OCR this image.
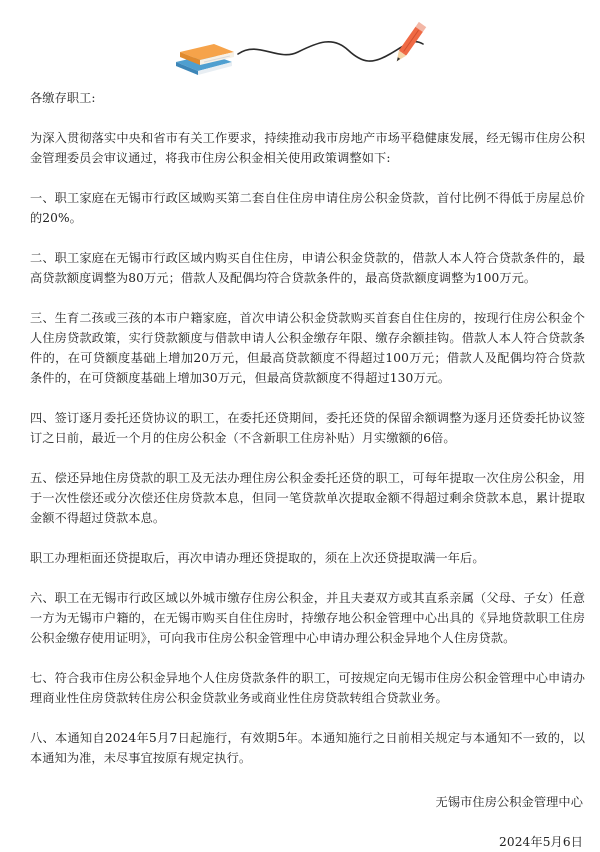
各缴存职工:

为深入贯彻落实中央和省市有关工作要求，持续推动我市房地产市场平稳健康发展，经无锡市住房公积金管理委员会审议通过，将我市住房公积金相关使用政策调整如下:

一、职工家庭在无锡市行政区域购买第二套自住住房申请住房公积金贷款，首付比例不得低于房屋总价的20%。

二、职工家庭在无锡市行政区域内购买自住住房，申请公积金贷款的，借款人本人符合贷款条件的，最高贷款额度调整为80万元；借款人及配偶均符合贷款条件的，最高贷款额度调整为100万元。

三、生育二孩或三孩的本市户籍家庭，首次申请公积金贷款购买首套自住住房的，按现行住房公积金个人住房贷款政策，实行贷款额度与借款申请人公积金缴存年限、缴存余额挂钩。借款人本人符合贷款条件的，在可贷额度基础上增加20万元，但最高贷款额度不得超过100万元；借款人及配偶均符合贷款条件的，在可贷额度基础上增加30万元，但最高贷款额度不得超过130万元。

四、签订逐月委托还贷协议的职工，在委托还贷期间，委托还贷的保留余额调整为逐月还贷委托协议签订之日前，最近一个月的住房公积金（不含新职工住房补贴）月实缴额的6倍。

五、偿还异地住房贷款的职工及无法办理住房公积金委托还贷的职工，可每年提取一次住房公积金，用于一次性偿还或分次偿还住房贷款本息，但同一笔贷款单次提取金额不得超过剩余贷款本息，累计提取金额不得超过贷款本息。

职工办理柜面还贷提取后，再次申请办理还贷提取的，须在上次还贷提取满一年后。

六、职工在无锡市行政区域以外城市缴存住房公积金，并且夫妻双方或其直系亲属（父母、子女）任意一方为无锡市户籍的，在无锡市购买自住住房时，持缴存地公积金管理中心出具的《异地贷款职工住房公积金缴存使用证明》，可向我市住房公积金管理中心申请办理公积金异地个人住房贷款。

七、符合我市住房公积金异地个人住房贷款条件的职工，可按规定向无锡市住房公积金管理中心申请办理商业性住房贷款转住房公积金贷款业务或商业性住房贷款转组合贷款业务。

八、本通知自2024年5月7日起施行，有效期5年。本通知施行之日前相关规定与本通知不一致的，以本通知为准，未尽事宜按原有规定执行。

无锡市住房公积金管理中心
2024年5月6日
